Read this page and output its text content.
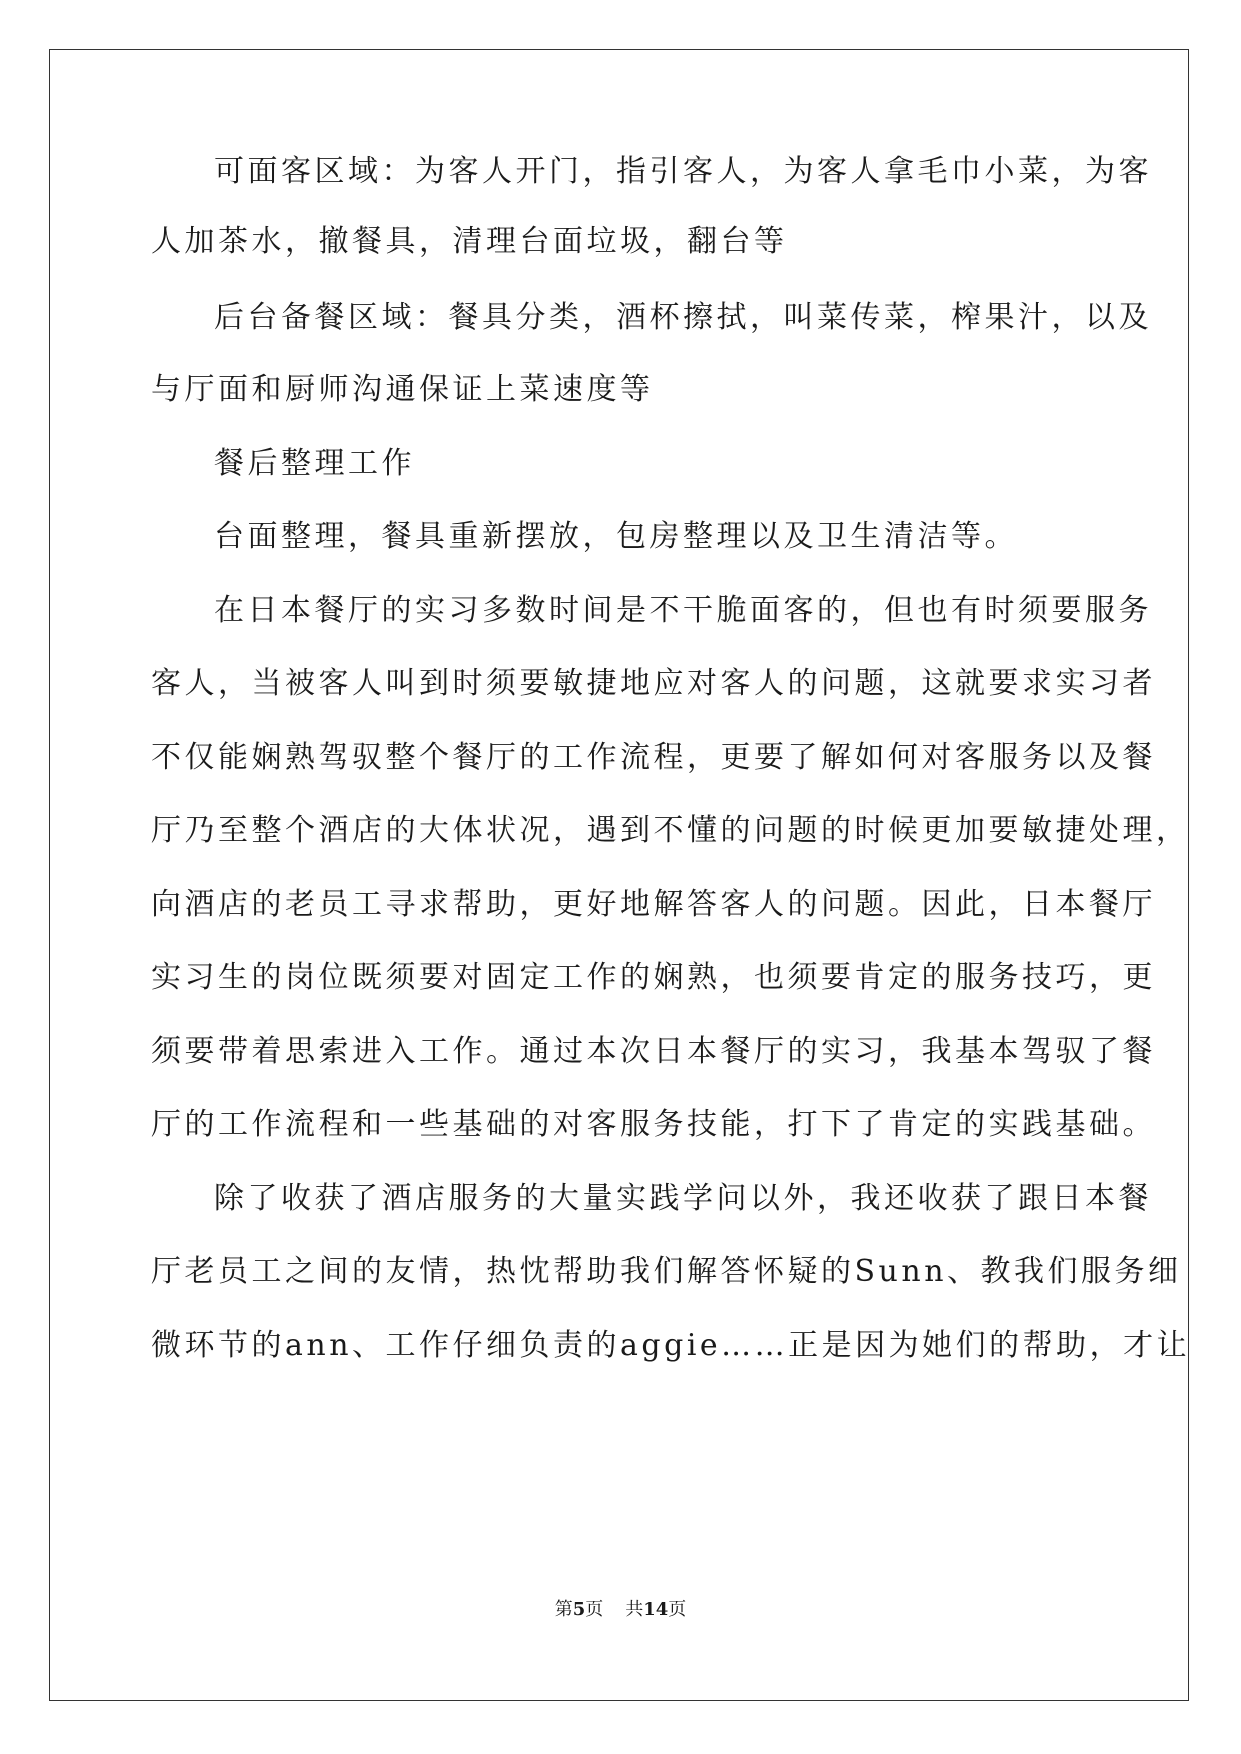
可面客区域：为客人开门，指引客人，为客人拿毛巾小菜，为客
人加茶水，撤餐具，清理台面垃圾，翻台等
后台备餐区域：餐具分类，酒杯擦拭，叫菜传菜，榨果汁，以及
与厅面和厨师沟通保证上菜速度等
餐后整理工作
台面整理，餐具重新摆放，包房整理以及卫生清洁等。
在日本餐厅的实习多数时间是不干脆面客的，但也有时须要服务
客人，当被客人叫到时须要敏捷地应对客人的问题，这就要求实习者
不仅能娴熟驾驭整个餐厅的工作流程，更要了解如何对客服务以及餐
厅乃至整个酒店的大体状况，遇到不懂的问题的时候更加要敏捷处理，
向酒店的老员工寻求帮助，更好地解答客人的问题。因此，日本餐厅
实习生的岗位既须要对固定工作的娴熟，也须要肯定的服务技巧，更
须要带着思索进入工作。通过本次日本餐厅的实习，我基本驾驭了餐
厅的工作流程和一些基础的对客服务技能，打下了肯定的实践基础。
除了收获了酒店服务的大量实践学问以外，我还收获了跟日本餐
厅老员工之间的友情，热忱帮助我们解答怀疑的Sunn、教我们服务细
微环节的ann、工作仔细负责的aggie……正是因为她们的帮助，才让
第5页 共14页
